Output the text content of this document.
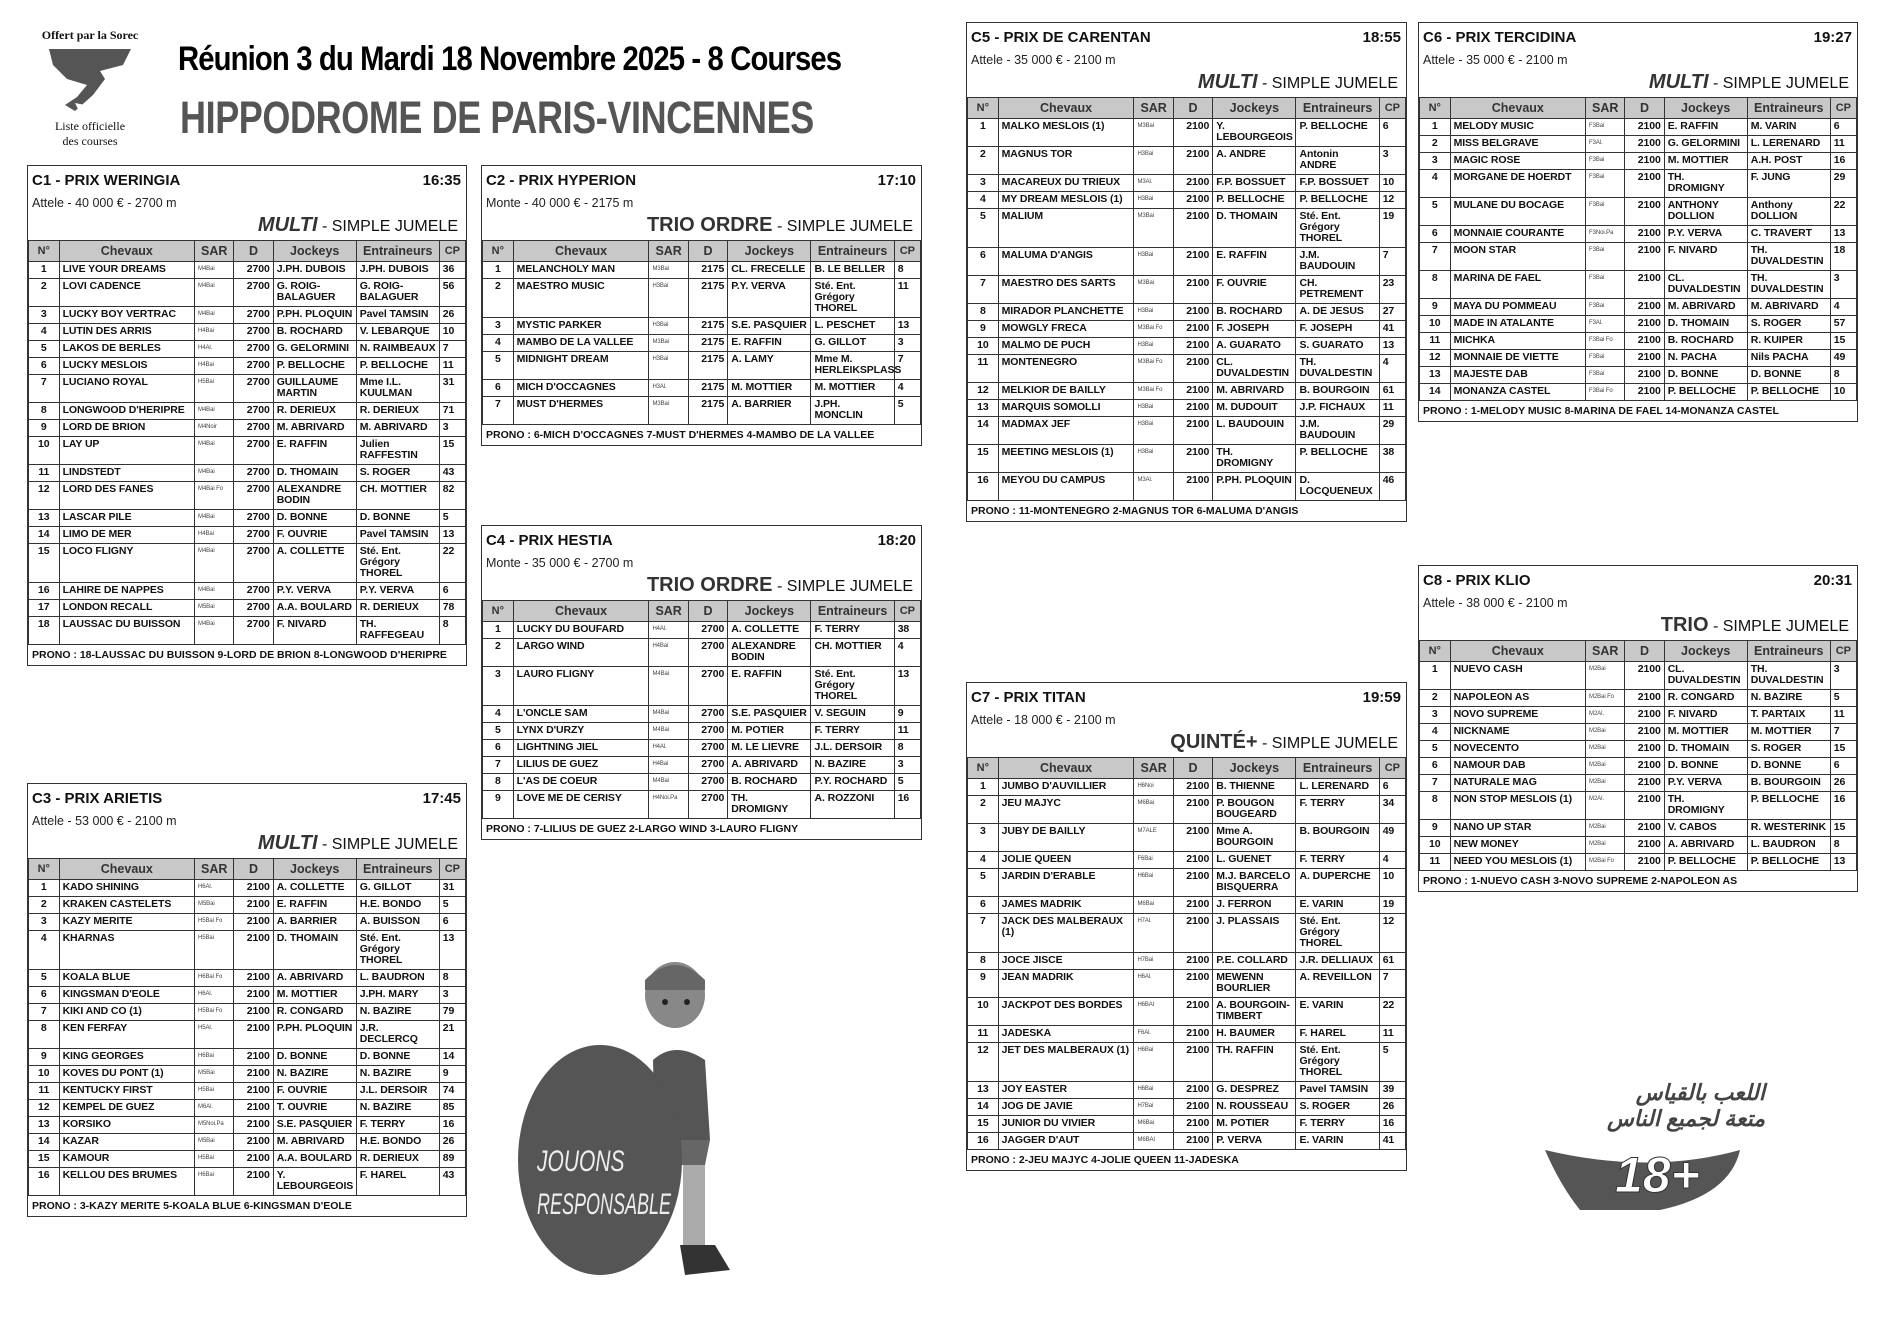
Offert par la Sorec
Liste officielle
des courses
Réunion 3 du Mardi 18 Novembre 2025 - 8 Courses
HIPPODROME DE PARIS-VINCENNES
C1 - PRIX WERINGIA	16:35
Attele - 40 000 € - 2700 m
MULTI - SIMPLE JUMELE
N°	Chevaux	SAR	D	Jockeys	Entraineurs	CP
1	LIVE YOUR DREAMS	M4Bai	2700	J.PH. DUBOIS	J.PH. DUBOIS	36
2	LOVI CADENCE	M4Bai	2700	G. ROIG-BALAGUER	G. ROIG-BALAGUER	56
3	LUCKY BOY VERTRAC	M4Bai	2700	P.PH. PLOQUIN	Pavel TAMSIN	26
4	LUTIN DES ARRIS	H4Bai	2700	B. ROCHARD	V. LEBARQUE	10
5	LAKOS DE BERLES	H4Al.	2700	G. GELORMINI	N. RAIMBEAUX	7
6	LUCKY MESLOIS	H4Bai	2700	P. BELLOCHE	P. BELLOCHE	11
7	LUCIANO ROYAL	H5Bai	2700	GUILLAUME MARTIN	Mme I.L. KUULMAN	31
8	LONGWOOD D'HERIPRE	M4Bai	2700	R. DERIEUX	R. DERIEUX	71
9	LORD DE BRION	M4Noir	2700	M. ABRIVARD	M. ABRIVARD	3
10	LAY UP	M4Bai	2700	E. RAFFIN	Julien RAFFESTIN	15
11	LINDSTEDT	M4Bai	2700	D. THOMAIN	S. ROGER	43
12	LORD DES FANES	M4Bai Fo	2700	ALEXANDRE BODIN	CH. MOTTIER	82
13	LASCAR PILE	M4Bai	2700	D. BONNE	D. BONNE	5
14	LIMO DE MER	H4Bai	2700	F. OUVRIE	Pavel TAMSIN	13
15	LOCO FLIGNY	M4Bai	2700	A. COLLETTE	Sté. Ent. Grégory THOREL	22
16	LAHIRE DE NAPPES	M4Bai	2700	P.Y. VERVA	P.Y. VERVA	6
17	LONDON RECALL	M5Bai	2700	A.A. BOULARD	R. DERIEUX	78
18	LAUSSAC DU BUISSON	M4Bai	2700	F. NIVARD	TH. RAFFEGEAU	8
PRONO : 18-LAUSSAC DU BUISSON 9-LORD DE BRION 8-LONGWOOD D'HERIPRE
C3 - PRIX ARIETIS	17:45
Attele - 53 000 € - 2100 m
MULTI - SIMPLE JUMELE
N°	Chevaux	SAR	D	Jockeys	Entraineurs	CP
1	KADO SHINING	H6Al.	2100	A. COLLETTE	G. GILLOT	31
2	KRAKEN CASTELETS	M5Bai	2100	E. RAFFIN	H.E. BONDO	5
3	KAZY MERITE	H5Bai Fo	2100	A. BARRIER	A. BUISSON	6
4	KHARNAS	H5Bai	2100	D. THOMAIN	Sté. Ent. Grégory THOREL	13
5	KOALA BLUE	H6Bai Fo	2100	A. ABRIVARD	L. BAUDRON	8
6	KINGSMAN D'EOLE	H6Al.	2100	M. MOTTIER	J.PH. MARY	3
7	KIKI AND CO (1)	H5Bai Fo	2100	R. CONGARD	N. BAZIRE	79
8	KEN FERFAY	H5Al.	2100	P.PH. PLOQUIN	J.R. DECLERCQ	21
9	KING GEORGES	H6Bai	2100	D. BONNE	D. BONNE	14
10	KOVES DU PONT (1)	M5Bai	2100	N. BAZIRE	N. BAZIRE	9
11	KENTUCKY FIRST	H5Bai	2100	F. OUVRIE	J.L. DERSOIR	74
12	KEMPEL DE GUEZ	M6Al.	2100	T. OUVRIE	N. BAZIRE	85
13	KORSIKO	M5Noi.Pa	2100	S.E. PASQUIER	F. TERRY	16
14	KAZAR	M5Bai	2100	M. ABRIVARD	H.E. BONDO	26
15	KAMOUR	H5Bai	2100	A.A. BOULARD	R. DERIEUX	89
16	KELLOU DES BRUMES	H6Bai	2100	Y. LEBOURGEOIS	F. HAREL	43
PRONO : 3-KAZY MERITE 5-KOALA BLUE 6-KINGSMAN D'EOLE
C2 - PRIX HYPERION	17:10
Monte - 40 000 € - 2175 m
TRIO ORDRE - SIMPLE JUMELE
N°	Chevaux	SAR	D	Jockeys	Entraineurs	CP
1	MELANCHOLY MAN	M3Bai	2175	CL. FRECELLE	B. LE BELLER	8
2	MAESTRO MUSIC	H3Bai	2175	P.Y. VERVA	Sté. Ent. Grégory THOREL	11
3	MYSTIC PARKER	H3Bai	2175	S.E. PASQUIER	L. PESCHET	13
4	MAMBO DE LA VALLEE	M3Bai	2175	E. RAFFIN	G. GILLOT	3
5	MIDNIGHT DREAM	H3Bai	2175	A. LAMY	Mme M. HERLEIKSPLASS	7
6	MICH D'OCCAGNES	H3Al.	2175	M. MOTTIER	M. MOTTIER	4
7	MUST D'HERMES	M3Bai	2175	A. BARRIER	J.PH. MONCLIN	5
PRONO : 6-MICH D'OCCAGNES 7-MUST D'HERMES 4-MAMBO DE LA VALLEE
C4 - PRIX HESTIA	18:20
Monte - 35 000 € - 2700 m
TRIO ORDRE - SIMPLE JUMELE
N°	Chevaux	SAR	D	Jockeys	Entraineurs	CP
1	LUCKY DU BOUFARD	H4Al.	2700	A. COLLETTE	F. TERRY	38
2	LARGO WIND	H4Bai	2700	ALEXANDRE BODIN	CH. MOTTIER	4
3	LAURO FLIGNY	M4Bai	2700	E. RAFFIN	Sté. Ent. Grégory THOREL	13
4	L'ONCLE SAM	M4Bai	2700	S.E. PASQUIER	V. SEGUIN	9
5	LYNX D'URZY	M4Bai	2700	M. POTIER	F. TERRY	11
6	LIGHTNING JIEL	H4Al.	2700	M. LE LIEVRE	J.L. DERSOIR	8
7	LILIUS DE GUEZ	H4Bai	2700	A. ABRIVARD	N. BAZIRE	3
8	L'AS DE COEUR	M4Bai	2700	B. ROCHARD	P.Y. ROCHARD	5
9	LOVE ME DE CERISY	H4Noi.Pa	2700	TH. DROMIGNY	A. ROZZONI	16
PRONO : 7-LILIUS DE GUEZ 2-LARGO WIND 3-LAURO FLIGNY
C5 - PRIX DE CARENTAN	18:55
Attele - 35 000 € - 2100 m
MULTI - SIMPLE JUMELE
N°	Chevaux	SAR	D	Jockeys	Entraineurs	CP
1	MALKO MESLOIS (1)	M3Bai	2100	Y. LEBOURGEOIS	P. BELLOCHE	6
2	MAGNUS TOR	H3Bai	2100	A. ANDRE	Antonin ANDRE	3
3	MACAREUX DU TRIEUX	M3Al.	2100	F.P. BOSSUET	F.P. BOSSUET	10
4	MY DREAM MESLOIS (1)	H3Bai	2100	P. BELLOCHE	P. BELLOCHE	12
5	MALIUM	M3Bai	2100	D. THOMAIN	Sté. Ent. Grégory THOREL	19
6	MALUMA D'ANGIS	H3Bai	2100	E. RAFFIN	J.M. BAUDOUIN	7
7	MAESTRO DES SARTS	M3Bai	2100	F. OUVRIE	CH. PETREMENT	23
8	MIRADOR PLANCHETTE	H3Bai	2100	B. ROCHARD	A. DE JESUS	27
9	MOWGLY FRECA	M3Bai Fo	2100	F. JOSEPH	F. JOSEPH	41
10	MALMO DE PUCH	H3Bai	2100	A. GUARATO	S. GUARATO	13
11	MONTENEGRO	M3Bai Fo	2100	CL. DUVALDESTIN	TH. DUVALDESTIN	4
12	MELKIOR DE BAILLY	M3Bai Fo	2100	M. ABRIVARD	B. BOURGOIN	61
13	MARQUIS SOMOLLI	H3Bai	2100	M. DUDOUIT	J.P. FICHAUX	11
14	MADMAX JEF	H3Bai	2100	L. BAUDOUIN	J.M. BAUDOUIN	29
15	MEETING MESLOIS (1)	H3Bai	2100	TH. DROMIGNY	P. BELLOCHE	38
16	MEYOU DU CAMPUS	M3Al.	2100	P.PH. PLOQUIN	D. LOCQUENEUX	46
PRONO : 11-MONTENEGRO 2-MAGNUS TOR 6-MALUMA D'ANGIS
C7 - PRIX TITAN	19:59
Attele - 18 000 € - 2100 m
QUINTÉ+ - SIMPLE JUMELE
N°	Chevaux	SAR	D	Jockeys	Entraineurs	CP
1	JUMBO D'AUVILLIER	H6Noi	2100	B. THIENNE	L. LERENARD	6
2	JEU MAJYC	M6Bai	2100	P. BOUGON BOUGEARD	F. TERRY	34
3	JUBY DE BAILLY	M7ALE	2100	Mme A. BOURGOIN	B. BOURGOIN	49
4	JOLIE QUEEN	F6Bai	2100	L. GUENET	F. TERRY	4
5	JARDIN D'ERABLE	H6Bai	2100	M.J. BARCELO BISQUERRA	A. DUPERCHE	10
6	JAMES MADRIK	M6Bai	2100	J. FERRON	E. VARIN	19
7	JACK DES MALBERAUX (1)	H7Al.	2100	J. PLASSAIS	Sté. Ent. Grégory THOREL	12
8	JOCE JISCE	H7Bai	2100	P.E. COLLARD	J.R. DELLIAUX	61
9	JEAN MADRIK	H6Al.	2100	MEWENN BOURLIER	A. REVEILLON	7
10	JACKPOT DES BORDES	H6BAI	2100	A. BOURGOIN-TIMBERT	E. VARIN	22
11	JADESKA	F6Al.	2100	H. BAUMER	F. HAREL	11
12	JET DES MALBERAUX (1)	H6Bai	2100	TH. RAFFIN	Sté. Ent. Grégory THOREL	5
13	JOY EASTER	H6Bai	2100	G. DESPREZ	Pavel TAMSIN	39
14	JOG DE JAVIE	H7Bai	2100	N. ROUSSEAU	S. ROGER	26
15	JUNIOR DU VIVIER	M6Bai	2100	M. POTIER	F. TERRY	16
16	JAGGER D'AUT	M6BAI	2100	P. VERVA	E. VARIN	41
PRONO : 2-JEU MAJYC 4-JOLIE QUEEN 11-JADESKA
C6 - PRIX TERCIDINA	19:27
Attele - 35 000 € - 2100 m
MULTI - SIMPLE JUMELE
N°	Chevaux	SAR	D	Jockeys	Entraineurs	CP
1	MELODY MUSIC	F3Bai	2100	E. RAFFIN	M. VARIN	6
2	MISS BELGRAVE	F3Al.	2100	G. GELORMINI	L. LERENARD	11
3	MAGIC ROSE	F3Bai	2100	M. MOTTIER	A.H. POST	16
4	MORGANE DE HOERDT	F3Bai	2100	TH. DROMIGNY	F. JUNG	29
5	MULANE DU BOCAGE	F3Bai	2100	ANTHONY DOLLION	Anthony DOLLION	22
6	MONNAIE COURANTE	F3Noi.Pa	2100	P.Y. VERVA	C. TRAVERT	13
7	MOON STAR	F3Bai	2100	F. NIVARD	TH. DUVALDESTIN	18
8	MARINA DE FAEL	F3Bai	2100	CL. DUVALDESTIN	TH. DUVALDESTIN	3
9	MAYA DU POMMEAU	F3Bai	2100	M. ABRIVARD	M. ABRIVARD	4
10	MADE IN ATALANTE	F3Al.	2100	D. THOMAIN	S. ROGER	57
11	MICHKA	F3Bai Fo	2100	B. ROCHARD	R. KUIPER	15
12	MONNAIE DE VIETTE	F3Bai	2100	N. PACHA	Nils PACHA	49
13	MAJESTE DAB	F3Bai	2100	D. BONNE	D. BONNE	8
14	MONANZA CASTEL	F3Bai Fo	2100	P. BELLOCHE	P. BELLOCHE	10
PRONO : 1-MELODY MUSIC 8-MARINA DE FAEL 14-MONANZA CASTEL
C8 - PRIX KLIO	20:31
Attele - 38 000 € - 2100 m
TRIO - SIMPLE JUMELE
N°	Chevaux	SAR	D	Jockeys	Entraineurs	CP
1	NUEVO CASH	M2Bai	2100	CL. DUVALDESTIN	TH. DUVALDESTIN	3
2	NAPOLEON AS	M2Bai Fo	2100	R. CONGARD	N. BAZIRE	5
3	NOVO SUPREME	M2Al.	2100	F. NIVARD	T. PARTAIX	11
4	NICKNAME	M2Bai	2100	M. MOTTIER	M. MOTTIER	7
5	NOVECENTO	M2Bai	2100	D. THOMAIN	S. ROGER	15
6	NAMOUR DAB	M2Bai	2100	D. BONNE	D. BONNE	6
7	NATURALE MAG	M2Bai	2100	P.Y. VERVA	B. BOURGOIN	26
8	NON STOP MESLOIS (1)	M2Al.	2100	TH. DROMIGNY	P. BELLOCHE	16
9	NANO UP STAR	M2Bai	2100	V. CABOS	R. WESTERINK	15
10	NEW MONEY	M2Bai	2100	A. ABRIVARD	L. BAUDRON	8
11	NEED YOU MESLOIS (1)	M2Bai Fo	2100	P. BELLOCHE	P. BELLOCHE	13
PRONO : 1-NUEVO CASH 3-NOVO SUPREME 2-NAPOLEON AS
JOUONS
RESPONSABLE
اللعب بالقياس
متعة لجميع الناس
18+
